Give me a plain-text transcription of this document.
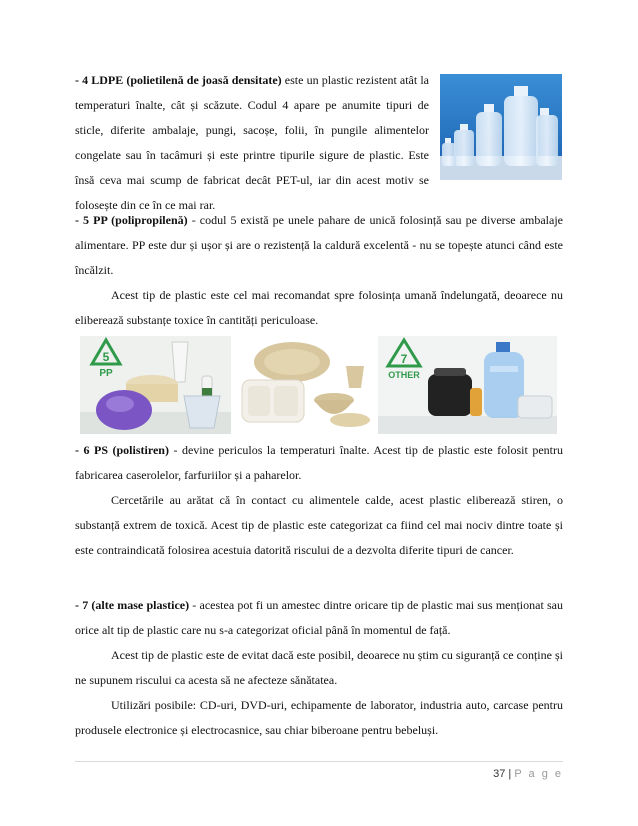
- 4 LDPE (polietilenă de joasă densitate) este un plastic rezistent atât la temperaturi înalte, cât și scăzute. Codul 4 apare pe anumite tipuri de sticle, diferite ambalaje, pungi, sacoșe, folii, în pungile alimentelor congelate sau în tacâmuri și este printre tipurile sigure de plastic. Este însă ceva mai scump de fabricat decât PET-ul, iar din acest motiv se folosește din ce în ce mai rar.
- 5 PP (polipropilenă) - codul 5 există pe unele pahare de unică folosință sau pe diverse ambalaje alimentare. PP este dur și ușor și are o rezistență la caldură excelentă - nu se topește atunci când este încălzit.
Acest tip de plastic este cel mai recomandat spre folosința umană îndelungată, deoarece nu eliberează substanțe toxice în cantități periculoase.
5
PP
7
OTHER
- 6 PS (polistiren) - devine periculos la temperaturi înalte. Acest tip de plastic este folosit pentru fabricarea caserolelor, farfuriilor și a paharelor.
Cercetările au arătat că în contact cu alimentele calde, acest plastic eliberează stiren, o substanță extrem de toxică. Acest tip de plastic este categorizat ca fiind cel mai nociv dintre toate și este contraindicată folosirea acestuia datorită riscului de a dezvolta diferite tipuri de cancer.
- 7 (alte mase plastice) - acestea pot fi un amestec dintre oricare tip de plastic mai sus menționat sau orice alt tip de plastic care nu s-a categorizat oficial până în momentul de față.
Acest tip de plastic este de evitat dacă este posibil, deoarece nu știm cu siguranță ce conține și ne supunem riscului ca acesta să ne afecteze sănătatea.
Utilizări posibile: CD-uri, DVD-uri, echipamente de laborator, industria auto, carcase pentru produsele electronice și electrocasnice, sau chiar biberoane pentru bebeluși.
37 | P a g e
